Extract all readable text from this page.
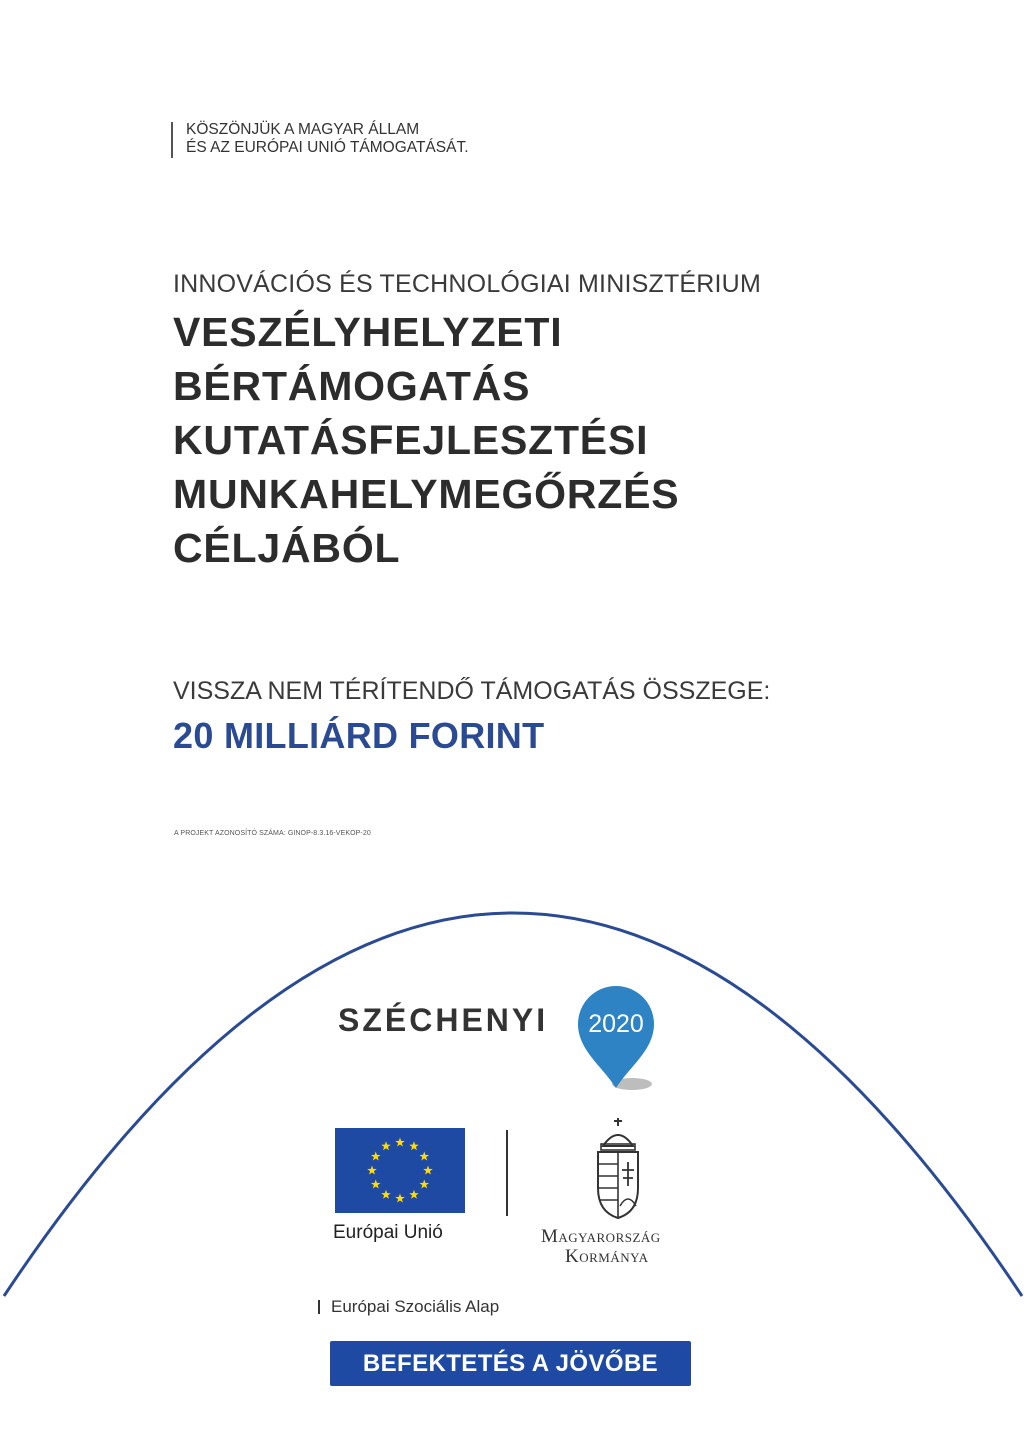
KÖSZÖNJÜK A MAGYAR ÁLLAM
ÉS AZ EURÓPAI UNIÓ TÁMOGATÁSÁT.
INNOVÁCIÓS ÉS TECHNOLÓGIAI MINISZTÉRIUM
VESZÉLYHELYZETI
BÉRTÁMOGATÁS
KUTATÁSFEJLESZTÉSI
MUNKAHELYMEGŐRZÉS
CÉLJÁBÓL
VISSZA NEM TÉRÍTENDŐ TÁMOGATÁS ÖSSZEGE:
20 MILLIÁRD FORINT
A PROJEKT AZONOSÍTÓ SZÁMA: GINOP-8.3.16-VEKOP-20
SZÉCHENYI 2020
Európai Unió	Magyarország
Kormánya
Európai Szociális Alap
BEFEKTETÉS A JÖVŐBE
